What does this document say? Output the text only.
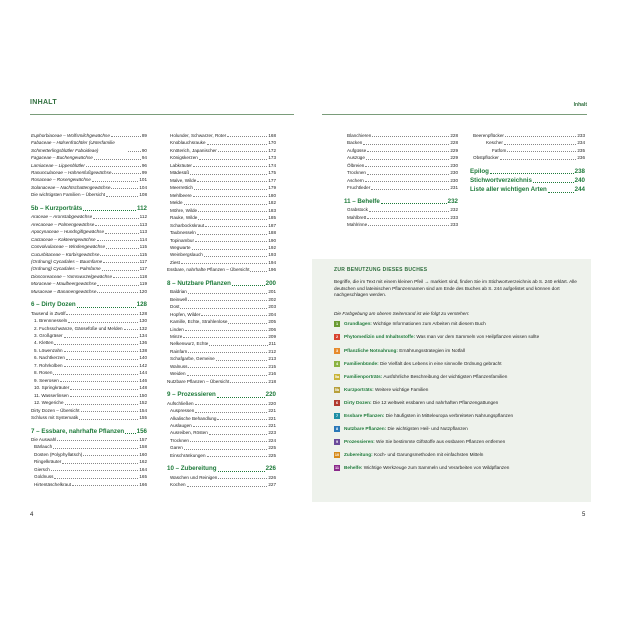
INHALT	Inhalt
Euphorbiaceae – Wolfsmilchgewächse	89
Fabaceae – Hülsenfrüchtler (Unterfamilie Schmetterlingsblütler Faboideae)	90
Fagaceae – Buchengewächse	94
Lamiaceae – Lippenblütler	96
Ranunculaceae – Hahnenfußgewächse	99
Rosaceae – Rosengewächse	101
Solanaceae – Nachtschattengewächse	104
Die wichtigsten Familien – Übersicht	108
5b – Kurzporträts	112
Araceae – Aronstabgewächse	112
Arecaceae – Palmengewächse	113
Apocynaceae – Hundsgiftgewächse	113
Cactaceae – Kakteengewächse	114
Convolvulaceae – Windengewächse	115
Cucurbitaceae – Kürbisgewächse	115
(Ordnung) Cycadales – Baumfarne	117
(Ordnung) Cycadales – Palmfarne	117
Dioscoreaceae – Yamswurzelgewächse	118
Moraceae – Maulbeergewächse	119
Musaceae – Bananengewächse	120
6 – Dirty Dozen	128
Tausend in Zwölf	128
1. Brennnesseln	130
2. Fuchsschwänze, Gänsefüße und Melden	132
3. Großgräser	134
4. Kletten	136
5. Löwenzahn	138
6. Nachtkerzen	140
7. Rohrkolben	142
8. Rosen	144
9. Seerosen	146
10. Springkräuter	148
11. Wasserlinsen	150
12. Wegeriche	152
Dirty Dozen – Übersicht	154
Schluss mit Systematik	155
7 – Essbare, nahrhafte Pflanzen 156
Die Auswahl	157
Bärlauch	158
Dosten (Polyphyllatsch)	160
Ringelkräuter	162
Giersch	164
Goldnuss	165
Hirtentäschelkraut	166
Holunder, Schwarzer, Roter	168
Knoblauchsrauke	170
Knöterich, Japanischer	172
Königskerzen	173
Labkräuter	174
Mädesüß	175
Malve, Wilde	177
Meerrettich	179
Mehlbeere	180
Melde	182
Möhre, Wilde	183
Rauke, Wilde	185
Scharbockskraut	187
Taubnesseln	188
Topinambur	190
Wegwarte	192
Weinbergslauch	193
Ziest	194
Essbare, nahrhafte Pflanzen – Übersicht	196
8 – Nutzbare Pflanzen	200
Baldrian	201
Beinwell	202
Dost	203
Hopfen, Wilder	204
Kamille, Echte, Strahlenlose	205
Linden	206
Minze	209
Nelkenwurz, Echte	211
Rainfarn	212
Schafgarbe, Gemeine	213
Walnuss	215
Weiden	216
Nutzbare Pflanzen – Übersicht	218
9 – Prozessieren	220
Aufschließen	220
Auspressen	221
Alkalische Behandlung	221
Auslaugen	221
Ausreiben, Rösten	223
Trocknen	224
Garen	225
Einschränkungen	225
10 – Zubereitung	226
Waschen und Reinigen	226
Kochen	227
Blanchieren	228
Backen	228
Aufgüsse	229
Auszüge	229
Ölbreien	230
Trocknen	230
Aschern	230
Fruchtleder	231
11 – Behelfe	232
Grabstock	232
Mahlbrett	233
Mahlrinne	233
Beerenpflücker	233
Kescher	234
Fatfom	235
Obstpflücker	236
Epilog	238
Stichwortverzeichnis	240
Liste aller wichtigen Arten	244
ZUR BENUTZUNG DIESES BUCHES
Begriffe, die im Text mit einem kleinen Pfeil → markiert sind, finden Sie im Stichwortverzeichnis ab S. 240 erklärt. Alle deutschen und lateinischen Pflanzennamen sind am Ende des Buches ab S. 244 aufgelistet und können dort nachgeschlagen werden.
Die Farbgebung am oberen Seitenrand ist wie folgt zu verstehen:
1	Grundlagen: Wichtige Informationen zum Arbeiten mit diesem Buch
2	Phytomedizin und Inhaltsstoffe: Was man vor dem Sammeln von Heilpflanzen wissen sollte
3	Pflanzliche Notnahrung: Ernährungsstrategien im Notfall
4	Familienbünde: Die Vielfalt des Lebens in eine sinnvolle Ordnung gebracht
5a Familienporträts: Ausführliche Beschreibung der wichtigsten Pflanzenfamilien
5b Kurzporträts: Weitere wichtige Familien
6	Dirty Dozen: Die 12 weltweit essbaren und nahrhaften Pflanzengattungen
7	Essbare Pflanzen: Die häufigsten in Mitteleuropa verbreiteten Nahrungspflanzen
8	Nutzbare Pflanzen: Die wichtigsten Heil- und Nutzpflanzen
9	Prozessieren: Wie Sie bestimmte Giftstoffe aus essbaren Pflanzen entfernen
10 Zubereitung: Koch- und Garungsmethoden mit einfachsten Mitteln
11 Behelfe: Wichtige Werkzeuge zum Sammeln und Verarbeiten von Wildpflanzen
4	5
